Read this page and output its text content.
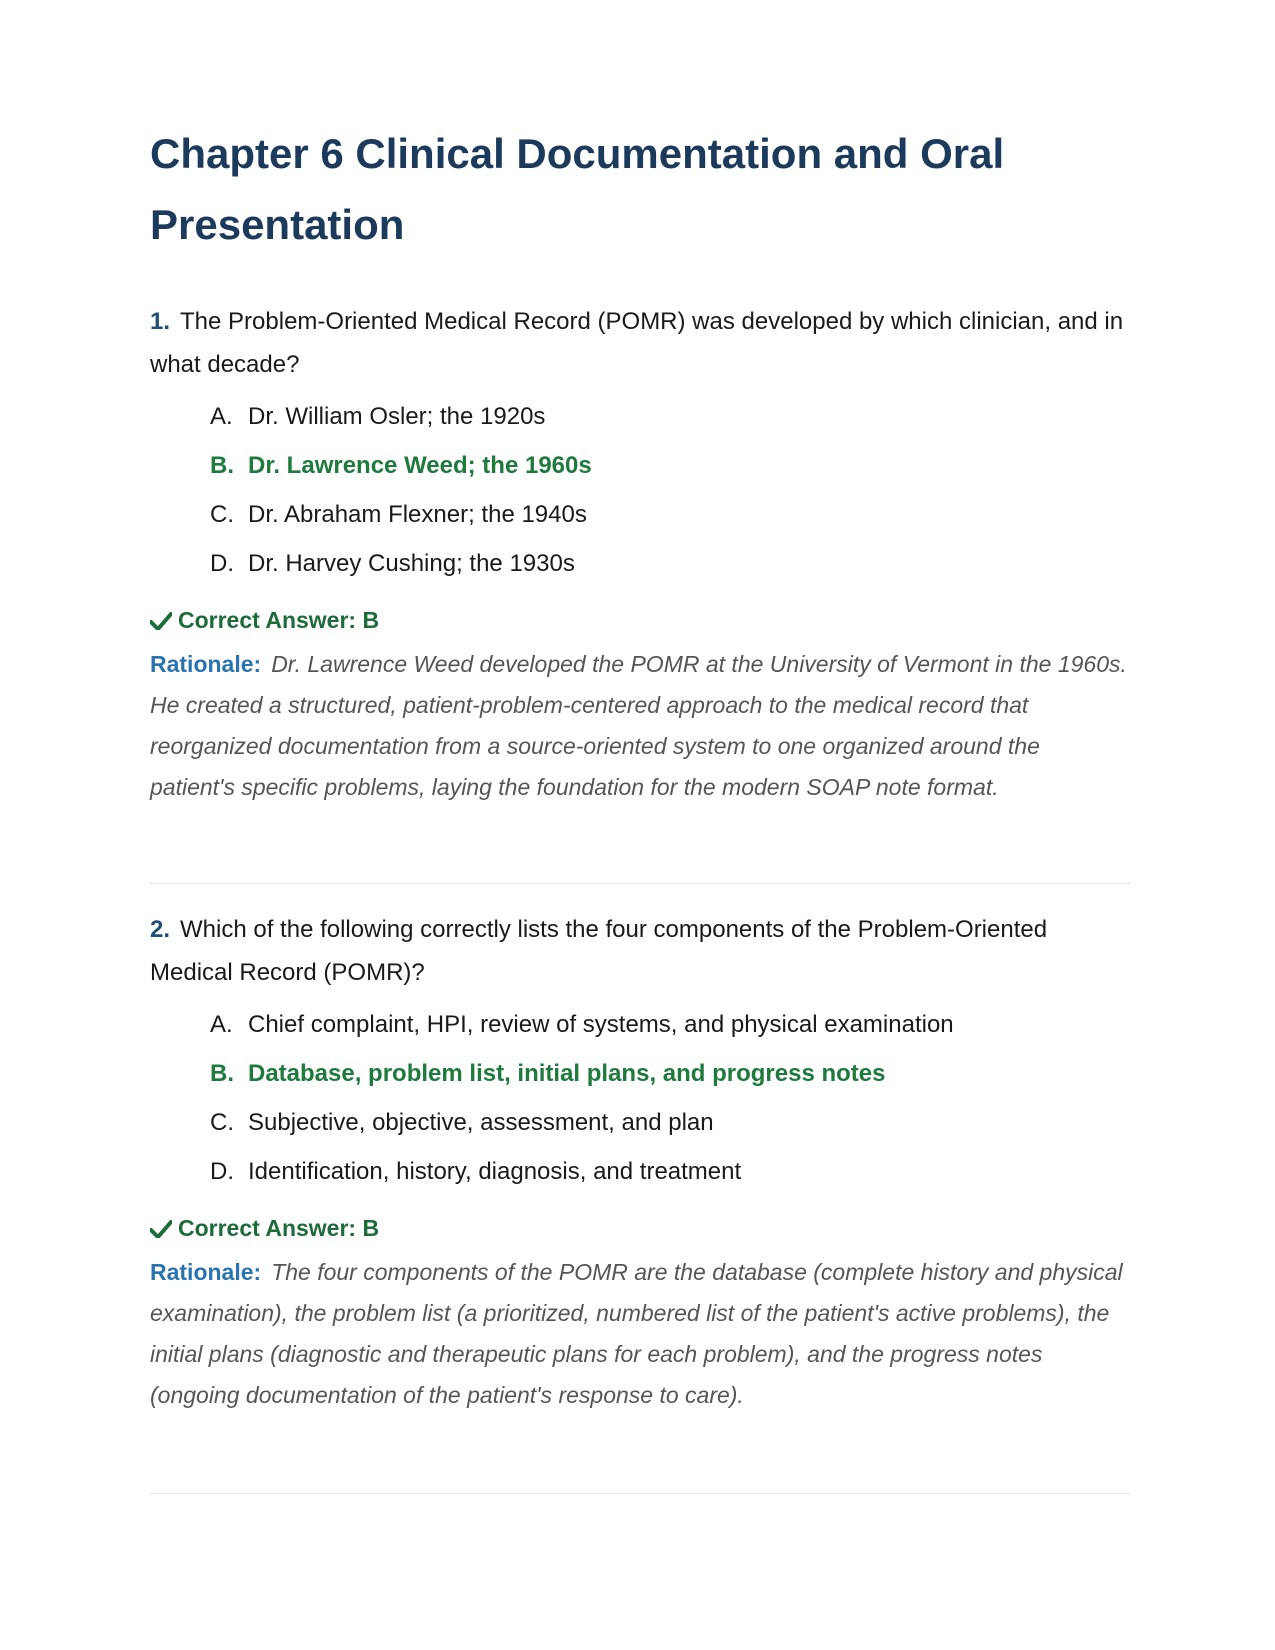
Chapter 6 Clinical Documentation and Oral Presentation

1. The Problem-Oriented Medical Record (POMR) was developed by which clinician, and in what decade?

A. Dr. William Osler; the 1920s
B. Dr. Lawrence Weed; the 1960s
C. Dr. Abraham Flexner; the 1940s
D. Dr. Harvey Cushing; the 1930s
Correct Answer: B
Rationale: Dr. Lawrence Weed developed the POMR at the University of Vermont in the 1960s. He created a structured, patient-problem-centered approach to the medical record that reorganized documentation from a source-oriented system to one organized around the patient's specific problems, laying the foundation for the modern SOAP note format.

2. Which of the following correctly lists the four components of the Problem-Oriented Medical Record (POMR)?

A. Chief complaint, HPI, review of systems, and physical examination
B. Database, problem list, initial plans, and progress notes
C. Subjective, objective, assessment, and plan
D. Identification, history, diagnosis, and treatment
Correct Answer: B
Rationale: The four components of the POMR are the database (complete history and physical examination), the problem list (a prioritized, numbered list of the patient's active problems), the initial plans (diagnostic and therapeutic plans for each problem), and the progress notes (ongoing documentation of the patient's response to care).
